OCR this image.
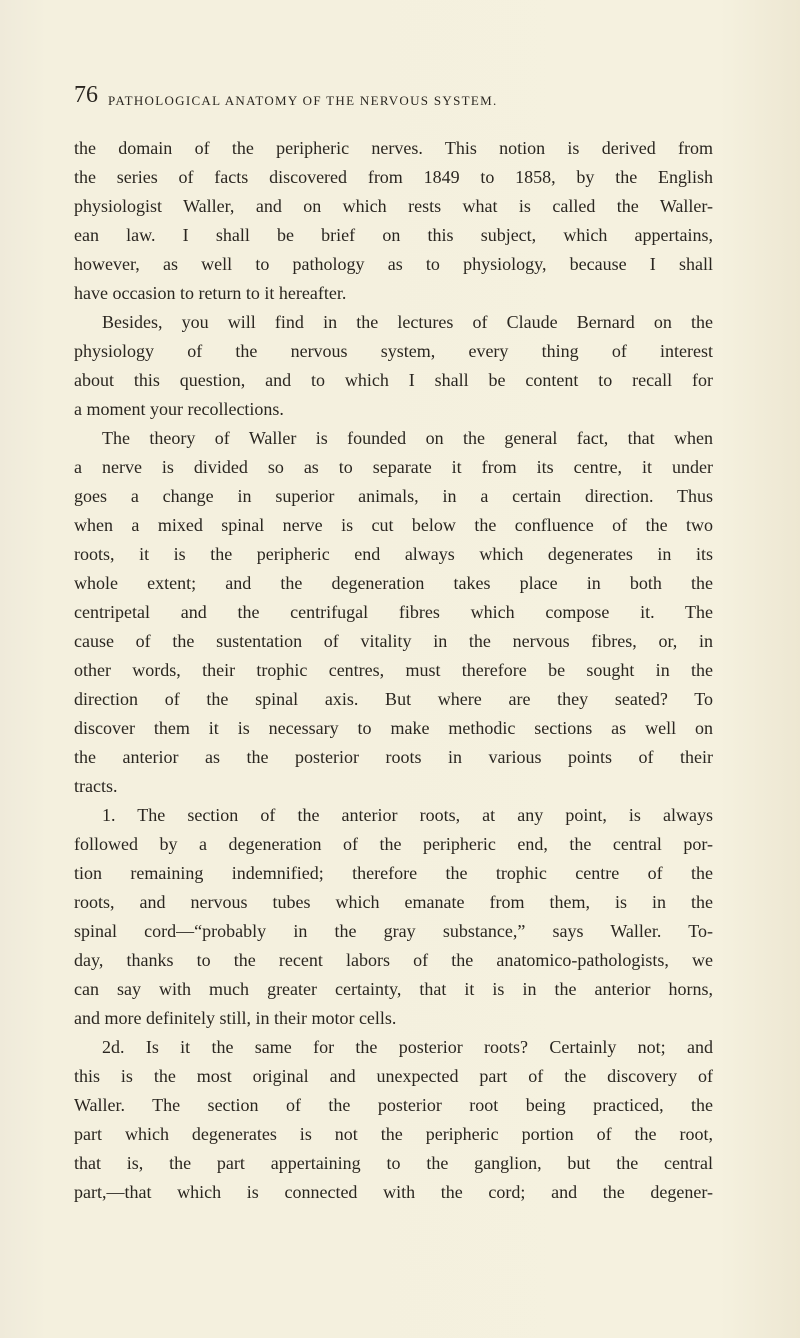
76 PATHOLOGICAL ANATOMY OF THE NERVOUS SYSTEM.
the domain of the peripheric nerves. This notion is derived from
the series of facts discovered from 1849 to 1858, by the English
physiologist Waller, and on which rests what is called the Waller-
ean law. I shall be brief on this subject, which appertains,
however, as well to pathology as to physiology, because I shall
have occasion to return to it hereafter.
Besides, you will find in the lectures of Claude Bernard on the
physiology of the nervous system, every thing of interest
about this question, and to which I shall be content to recall for
a moment your recollections.
The theory of Waller is founded on the general fact, that when
a nerve is divided so as to separate it from its centre, it under
goes a change in superior animals, in a certain direction. Thus
when a mixed spinal nerve is cut below the confluence of the two
roots, it is the peripheric end always which degenerates in its
whole extent; and the degeneration takes place in both the
centripetal and the centrifugal fibres which compose it. The
cause of the sustentation of vitality in the nervous fibres, or, in
other words, their trophic centres, must therefore be sought in the
direction of the spinal axis. But where are they seated? To
discover them it is necessary to make methodic sections as well on
the anterior as the posterior roots in various points of their
tracts.
1. The section of the anterior roots, at any point, is always
followed by a degeneration of the peripheric end, the central por-
tion remaining indemnified; therefore the trophic centre of the
roots, and nervous tubes which emanate from them, is in the
spinal cord—“probably in the gray substance,” says Waller. To-
day, thanks to the recent labors of the anatomico-pathologists, we
can say with much greater certainty, that it is in the anterior horns,
and more definitely still, in their motor cells.
2d. Is it the same for the posterior roots? Certainly not; and
this is the most original and unexpected part of the discovery of
Waller. The section of the posterior root being practiced, the
part which degenerates is not the peripheric portion of the root,
that is, the part appertaining to the ganglion, but the central
part,—that which is connected with the cord; and the degener-
